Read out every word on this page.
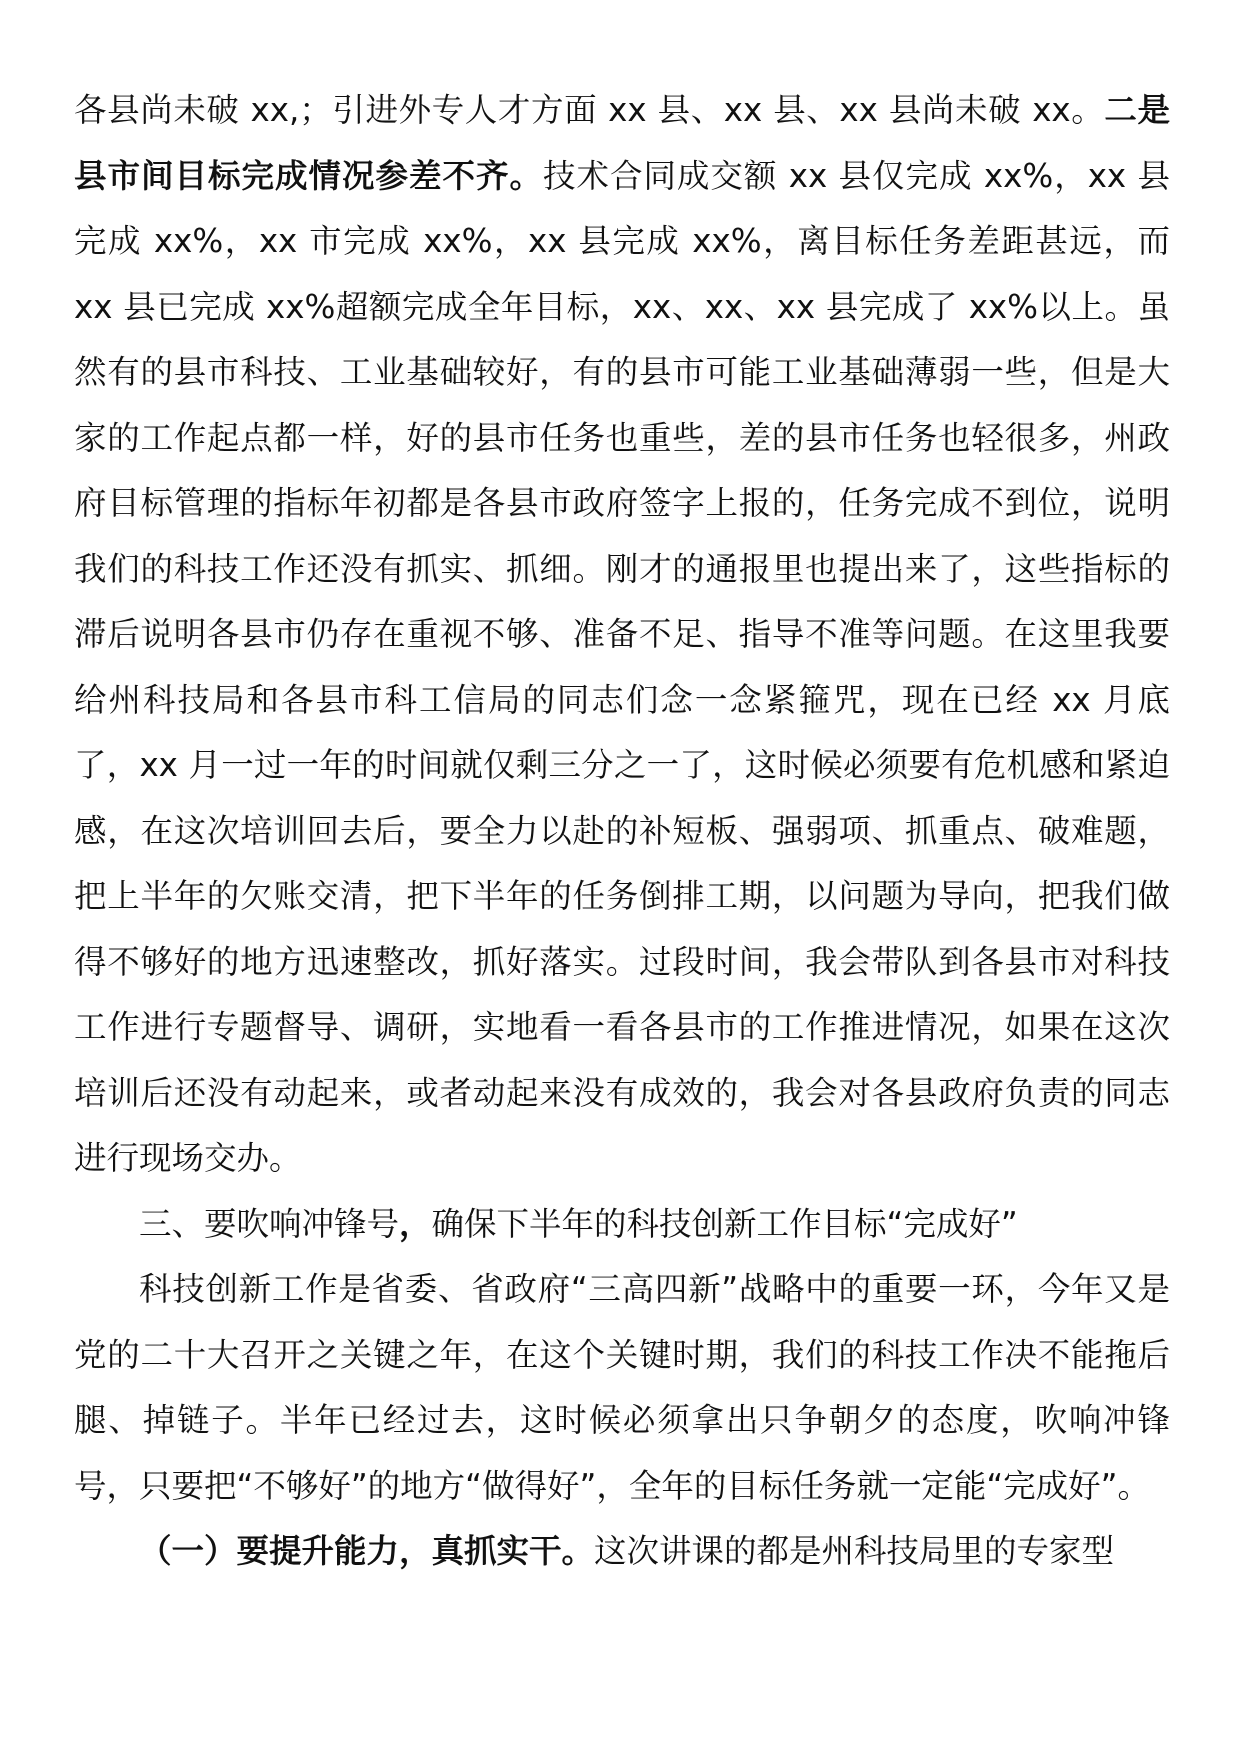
各县尚未破 xx,；引进外专人才方面 xx 县、xx 县、xx 县尚未破 xx。二是县市间目标完成情况参差不齐。技术合同成交额 xx 县仅完成 xx%，xx 县完成 xx%，xx 市完成 xx%，xx 县完成 xx%，离目标任务差距甚远，而 xx 县已完成 xx%超额完成全年目标，xx、xx、xx 县完成了 xx%以上。虽然有的县市科技、工业基础较好，有的县市可能工业基础薄弱一些，但是大家的工作起点都一样，好的县市任务也重些，差的县市任务也轻很多，州政府目标管理的指标年初都是各县市政府签字上报的，任务完成不到位，说明我们的科技工作还没有抓实、抓细。刚才的通报里也提出来了，这些指标的滞后说明各县市仍存在重视不够、准备不足、指导不准等问题。在这里我要给州科技局和各县市科工信局的同志们念一念紧箍咒，现在已经 xx 月底了，xx 月一过一年的时间就仅剩三分之一了，这时候必须要有危机感和紧迫感，在这次培训回去后，要全力以赴的补短板、强弱项、抓重点、破难题，把上半年的欠账交清，把下半年的任务倒排工期，以问题为导向，把我们做得不够好的地方迅速整改，抓好落实。过段时间，我会带队到各县市对科技工作进行专题督导、调研，实地看一看各县市的工作推进情况，如果在这次培训后还没有动起来，或者动起来没有成效的，我会对各县政府负责的同志进行现场交办。

三、要吹响冲锋号，确保下半年的科技创新工作目标“完成好”

科技创新工作是省委、省政府“三高四新”战略中的重要一环，今年又是党的二十大召开之关键之年，在这个关键时期，我们的科技工作决不能拖后腿、掉链子。半年已经过去，这时候必须拿出只争朝夕的态度，吹响冲锋号，只要把“不够好”的地方“做得好”，全年的目标任务就一定能“完成好”。

（一）要提升能力，真抓实干。这次讲课的都是州科技局里的专家型
